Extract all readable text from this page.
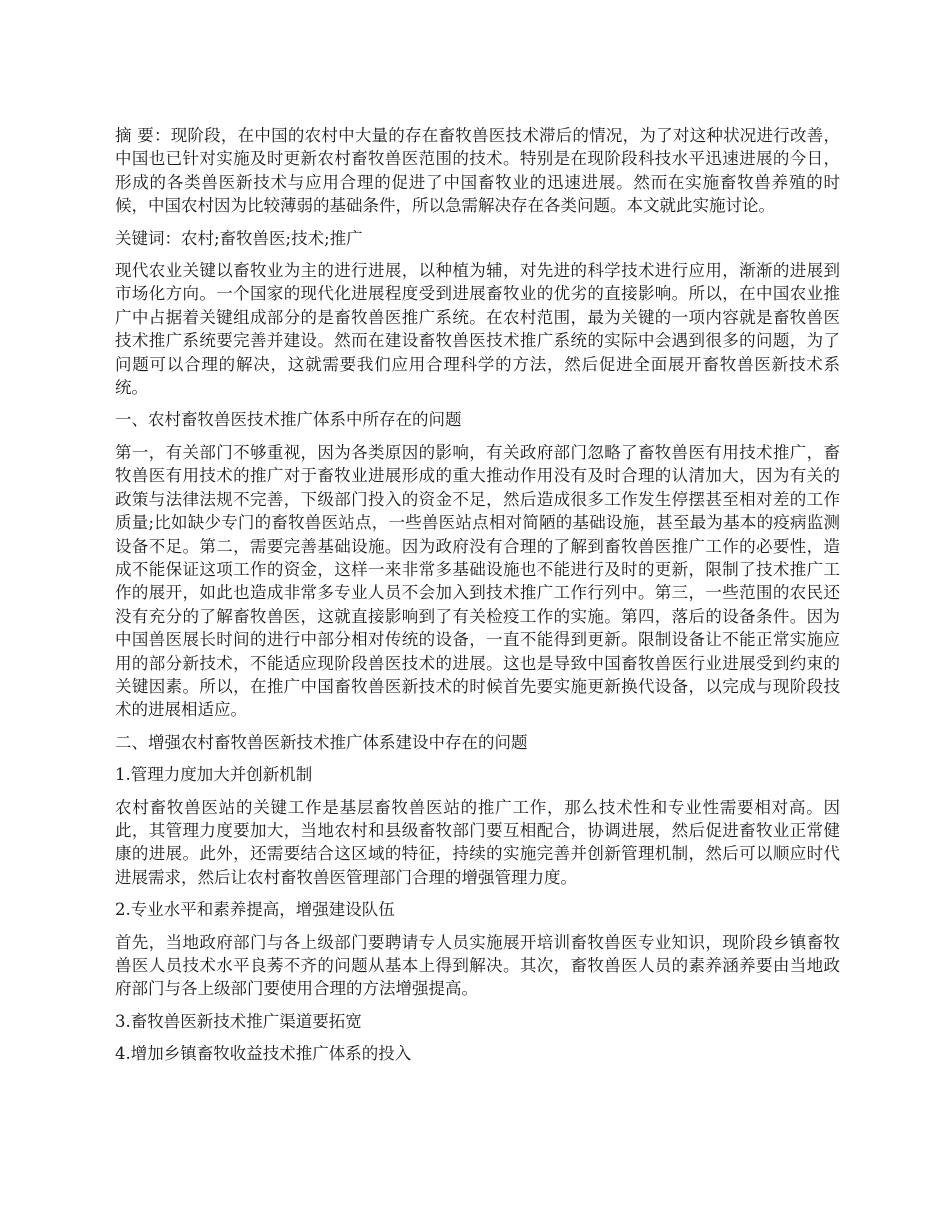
摘 要：现阶段，在中国的农村中大量的存在畜牧兽医技术滞后的情况，为了对这种状况进行改善，中国也已针对实施及时更新农村畜牧兽医范围的技术。特别是在现阶段科技水平迅速进展的今日，形成的各类兽医新技术与应用合理的促进了中国畜牧业的迅速进展。然而在实施畜牧兽养殖的时候，中国农村因为比较薄弱的基础条件，所以急需解决存在各类问题。本文就此实施讨论。

关键词：农村;畜牧兽医;技术;推广

现代农业关键以畜牧业为主的进行进展，以种植为辅，对先进的科学技术进行应用，渐渐的进展到市场化方向。一个国家的现代化进展程度受到进展畜牧业的优劣的直接影响。所以，在中国农业推广中占据着关键组成部分的是畜牧兽医推广系统。在农村范围，最为关键的一项内容就是畜牧兽医技术推广系统要完善并建设。然而在建设畜牧兽医技术推广系统的实际中会遇到很多的问题，为了问题可以合理的解决，这就需要我们应用合理科学的方法，然后促进全面展开畜牧兽医新技术系统。

一、农村畜牧兽医技术推广体系中所存在的问题

第一，有关部门不够重视，因为各类原因的影响，有关政府部门忽略了畜牧兽医有用技术推广，畜牧兽医有用技术的推广对于畜牧业进展形成的重大推动作用没有及时合理的认清加大，因为有关的政策与法律法规不完善，下级部门投入的资金不足，然后造成很多工作发生停摆甚至相对差的工作质量;比如缺少专门的畜牧兽医站点，一些兽医站点相对简陋的基础设施，甚至最为基本的疫病监测设备不足。第二，需要完善基础设施。因为政府没有合理的了解到畜牧兽医推广工作的必要性，造成不能保证这项工作的资金，这样一来非常多基础设施也不能进行及时的更新，限制了技术推广工作的展开，如此也造成非常多专业人员不会加入到技术推广工作行列中。第三，一些范围的农民还没有充分的了解畜牧兽医，这就直接影响到了有关检疫工作的实施。第四，落后的设备条件。因为中国兽医展长时间的进行中部分相对传统的设备，一直不能得到更新。限制设备让不能正常实施应用的部分新技术，不能适应现阶段兽医技术的进展。这也是导致中国畜牧兽医行业进展受到约束的关键因素。所以，在推广中国畜牧兽医新技术的时候首先要实施更新换代设备，以完成与现阶段技术的进展相适应。

二、增强农村畜牧兽医新技术推广体系建设中存在的问题

1.管理力度加大并创新机制

农村畜牧兽医站的关键工作是基层畜牧兽医站的推广工作，那么技术性和专业性需要相对高。因此，其管理力度要加大，当地农村和县级畜牧部门要互相配合，协调进展，然后促进畜牧业正常健康的进展。此外，还需要结合这区域的特征，持续的实施完善并创新管理机制，然后可以顺应时代进展需求，然后让农村畜牧兽医管理部门合理的增强管理力度。

2.专业水平和素养提高，增强建设队伍

首先，当地政府部门与各上级部门要聘请专人员实施展开培训畜牧兽医专业知识，现阶段乡镇畜牧兽医人员技术水平良莠不齐的问题从基本上得到解决。其次，畜牧兽医人员的素养涵养要由当地政府部门与各上级部门要使用合理的方法增强提高。

3.畜牧兽医新技术推广渠道要拓宽

4.增加乡镇畜牧收益技术推广体系的投入
